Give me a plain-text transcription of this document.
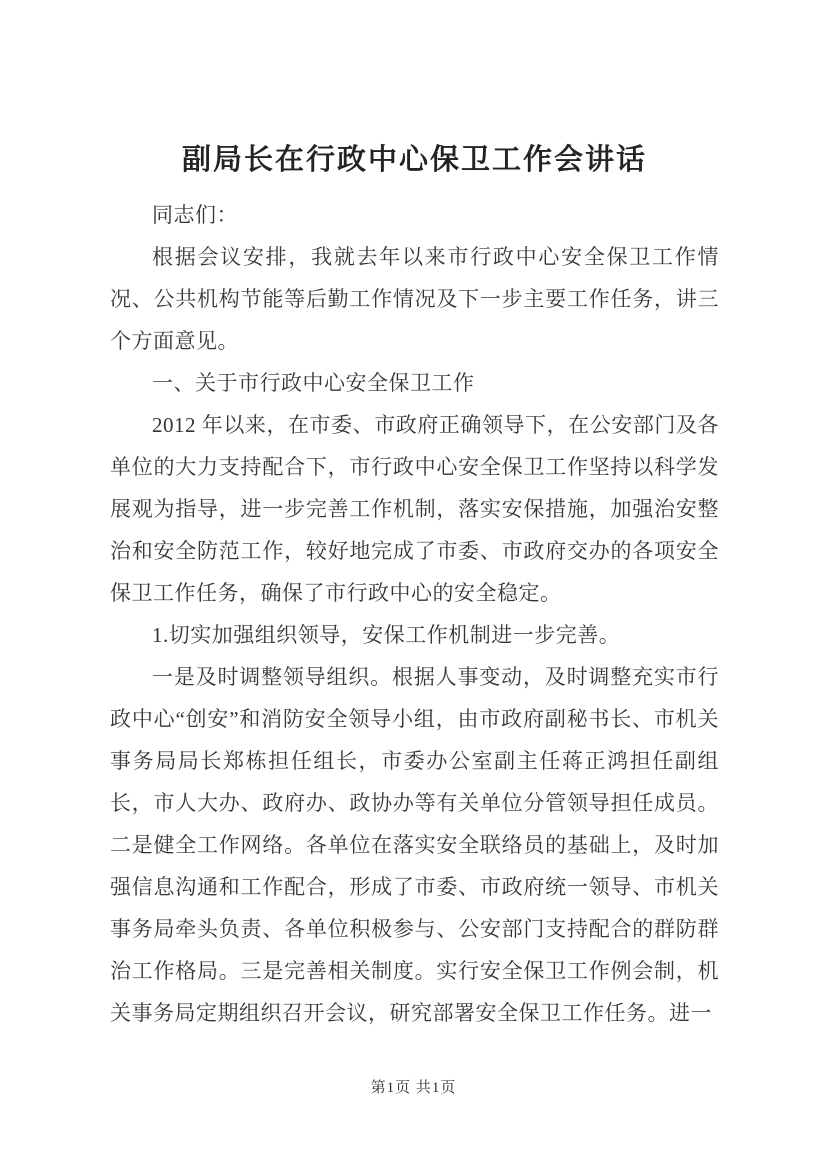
副局长在行政中心保卫工作会讲话

同志们：

根据会议安排，我就去年以来市行政中心安全保卫工作情况、公共机构节能等后勤工作情况及下一步主要工作任务，讲三个方面意见。

一、关于市行政中心安全保卫工作

2012 年以来，在市委、市政府正确领导下，在公安部门及各单位的大力支持配合下，市行政中心安全保卫工作坚持以科学发展观为指导，进一步完善工作机制，落实安保措施，加强治安整治和安全防范工作，较好地完成了市委、市政府交办的各项安全保卫工作任务，确保了市行政中心的安全稳定。

1.切实加强组织领导，安保工作机制进一步完善。

一是及时调整领导组织。根据人事变动，及时调整充实市行政中心“创安”和消防安全领导小组，由市政府副秘书长、市机关事务局局长郑栋担任组长，市委办公室副主任蒋正鸿担任副组长，市人大办、政府办、政协办等有关单位分管领导担任成员。二是健全工作网络。各单位在落实安全联络员的基础上，及时加强信息沟通和工作配合，形成了市委、市政府统一领导、市机关事务局牵头负责、各单位积极参与、公安部门支持配合的群防群治工作格局。三是完善相关制度。实行安全保卫工作例会制，机关事务局定期组织召开会议，研究部署安全保卫工作任务。进一

第1页 共1页
